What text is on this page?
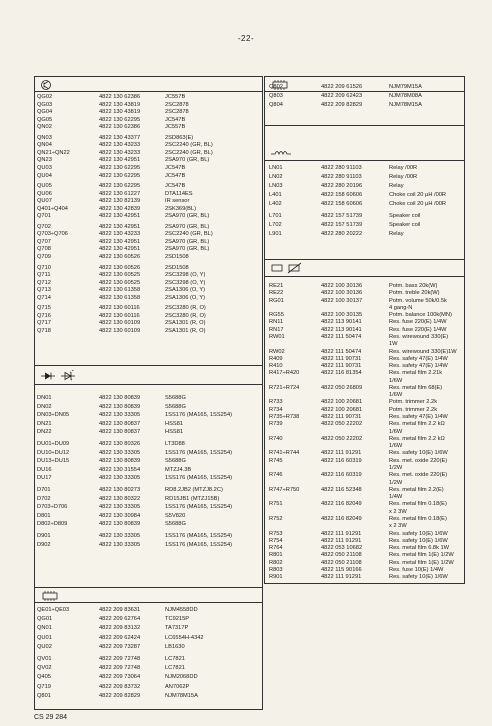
-22-
QG02	4822 130 62386	JC557B
QG03	4822 130 43819	2SC2878
QG04	4822 130 43819	2SC2878
QG05	4822 130 62295	JC547B
QN02	4822 130 62386	JC557B
QN03	4822 130 43377	2SD863(E)
QN04	4822 130 43233	2SC2240 (GR, BL)
QN21÷QN22	4822 130 43233	2SC2240 (GR, BL)
QN23	4822 130 42951	2SA970 (GR, BL)
QU03	4822 130 62295	JC547B
QU04	4822 130 62295	JC547B
QU05	4822 130 62295	JC547B
QU06	4822 130 61227	DTA114ES
QU07	4822 130 82139	IR sensor
Q401÷Q404	4822 130 42839	2SK369(BL)
Q701	4822 130 42951	2SA970 (GR, BL)
Q702	4822 130 42951	2SA970 (GR, BL)
Q703÷Q706	4822 130 43233	2SC2240 (GR, BL)
Q707	4822 130 42951	2SA970 (GR, BL)
Q708	4822 130 42951	2SA970 (GR, BL)
Q709	4822 130 60526	2SD1508
Q710	4822 130 60526	2SD1508
Q711	4822 130 60525	2SC3298 (O, Y)
Q712	4822 130 60525	2SC3298 (O, Y)
Q713	4822 130 61358	2SA1306 (O, Y)
Q714	4822 130 61358	2SA1306 (O, Y)
Q715	4822 130 60116	2SC3280 (R, O)
Q716	4822 130 60116	2SC3280 (R, O)
Q717	4822 130 60109	2SA1301 (R, O)
Q718	4822 130 60109	2SA1301 (R, O)
DN01	4822 130 80839	S5688G
DN02	4822 130 80839	S5688G
DN03÷DN05	4822 130 33305	1SS176 (MA165, 1SS254)
DN21	4822 130 80837	HSS81
DN22	4822 130 80837	HSS81
DU01÷DU09	4822 130 80326	LT3D88
DU10÷DU12	4822 130 33305	1SS176 (MA165, 1SS254)
DU13÷DU15	4822 130 80839	S5688G
DU16	4822 130 31554	MTZJ4.3B
DU17	4822 130 33305	1SS176 (MA165, 1SS254)
D701	4822 130 80273	RD8.2JB2 (MTZJ8.2C)
D702	4822 130 80322	RD15JB1 (MTZJ15B)
D703÷D706	4822 130 33305	1SS176 (MA165, 1SS254)
D801	4822 130 30984	S5V820
D802÷D809	4822 130 80839	S5688G
D901	4822 130 33305	1SS176 (MA165, 1SS254)
D902	4822 130 33305	1SS176 (MA165, 1SS254)
QE01÷QE03	4822 209 83631	NJM4558DD
QG01	4822 209 62764	TC9215P
QN01	4822 209 83132	TA7317P
QU01	4822 209 62424	LC6554H-4342
QU02	4822 209 73287	LB1630
QV01	4822 209 72748	LC7821
QV02	4822 209 72748	LC7821
Q405	4822 209 73064	NJM2068DD
Q719	4822 209 83732	AN7062P
Q801	4822 209 82829	NJM78M15A
Q802	4822 209 61526	NJM79M15A
Q803	4822 209 62423	NJM78M08A
Q804	4822 209 82829	NJM78M15A
LN01	4822 280 91103	Relay /00R
LN02	4822 280 91103	Relay /00R
LN03	4822 280 20196	Relay
L401	4822 158 60606	Choke coil 20 µH /00R
L402	4822 158 60606	Choke coil 20 µH /00R
L701	4822 157 51739	Speaker coil
L702	4822 157 51739	Speaker coil
L901	4822 280 20222	Relay
RE21	4822 100 30136	Potm. bass 20k(W)
RE22	4822 100 30136	Potm. treble 20k(W)
RG01	4822 100 30137	Potm. volume 50k/0.5k
4 gang-N
RG55	4822 100 30135	Potm. balance 100k(MN)
RN11	4822 113 90141	Res. fuse 220(E) 1/4W
RN17	4822 113 90141	Res. fuse 220(E) 1/4W
RW01	4822 111 50474	Res. wirewound 330(E)
1W
RW02	4822 111 50474	Res. wirewound 330(E)1W
R409	4822 111 90731	Res. safety 47(E) 1/4W
R410	4822 111 90731	Res. safety 47(E) 1/4W
R417÷R420	4822 116 81354	Res. metal film 2.21k
1/6W
R721÷R724	4822 050 26809	Res. metal film 68(E)
1/6W
R733	4822 100 20681	Potm. trimmer 2.2k
R734	4822 100 20681	Potm. trimmer 2.2k
R735÷R738	4822 111 90731	Res. safety 47(E) 1/4W
R739	4822 050 22202	Res. metal film 2.2 kΩ
1/6W
R740	4822 050 22202	Res. metal film 2.2 kΩ
1/6W
R741÷R744	4822 111 91291	Res. safety 10(E) 1/6W
R745	4822 116 60319	Res. met. oxide 220(E)
1/2W
R746	4822 116 60319	Res. met. oxide 220(E)
1/2W
R747÷R750	4822 116 52348	Res. metal film 2.2(E)
1/4W
R751	4822 116 82049	Res. metal film 0.18(E)
x 2 3W
R752	4822 116 82049	Res. metal film 0.18(E)
x 2 3W
R753	4822 111 91291	Res. safety 10(E) 1/6W
R754	4822 111 91291	Res. safety 10(E) 1/6W
R764	4822 053 10682	Res. metal film 6.8k 1W
R801	4822 050 21108	Res. metal film 1(E) 1/2W
R802	4822 050 21108	Res. metal film 1(E) 1/2W
R803	4822 115 90166	Res. fuse 10(E) 1/4W
R901	4822 111 91291	Res. safety 10(E) 1/6W
CS 29 284
